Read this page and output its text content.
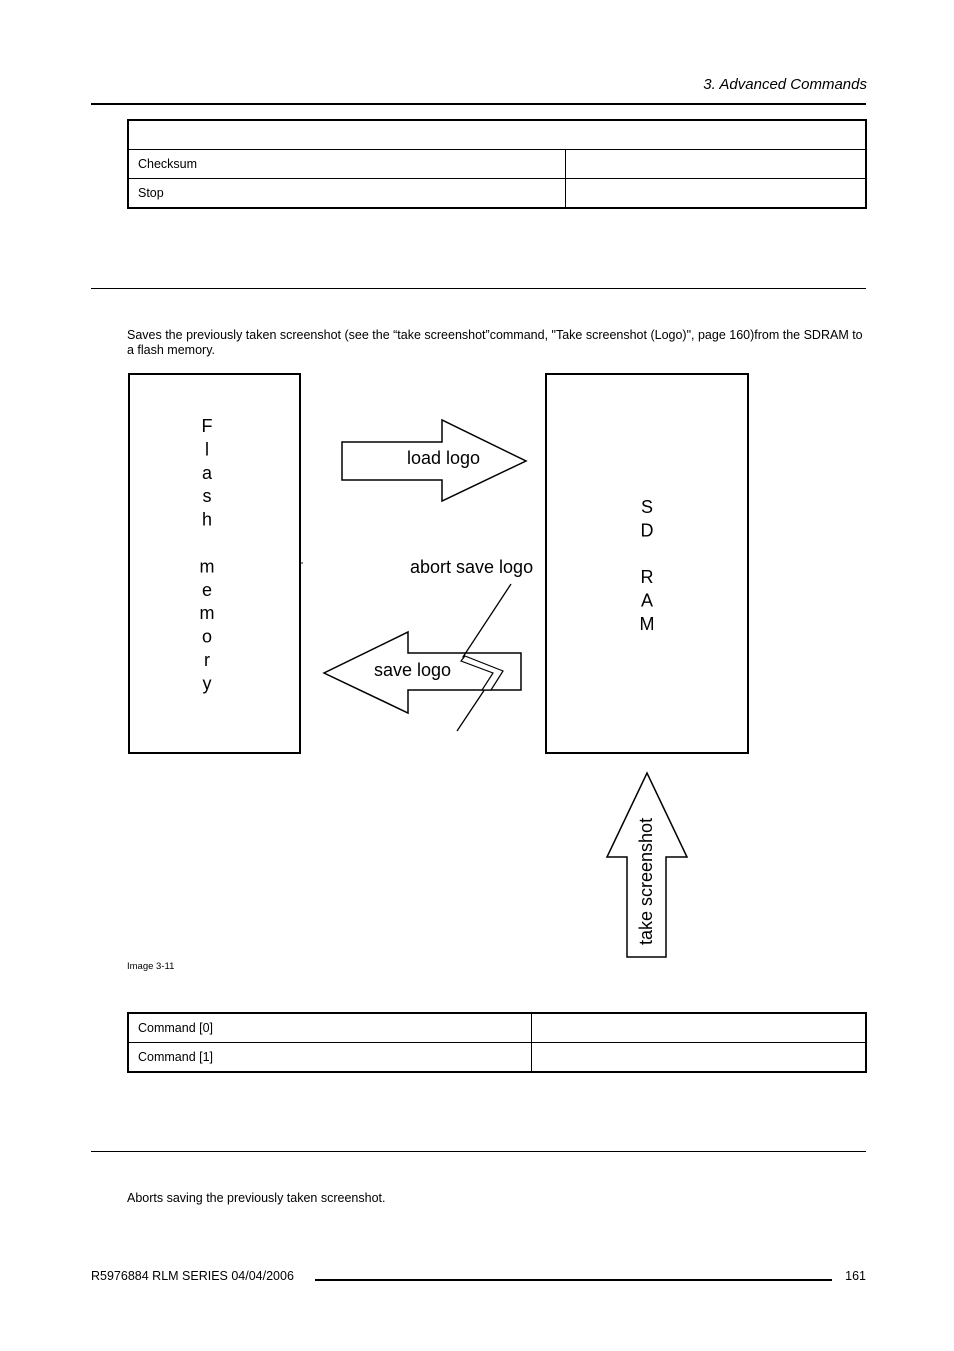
3. Advanced Commands

Checksum	
Stop	
Saves the previously taken screenshot (see the “take screenshot”command, "Take screenshot (Logo)", page 160)from the SDRAM to a flash memory.
F
l
a
s
h
m
e
m
o
r
y
S
D
R
A
M
load logo
save logo
abort save logo
take screenshot
Image 3-11
Command [0]	
Command [1]	
Aborts saving the previously taken screenshot.
R5976884 RLM SERIES 04/04/2006	161
